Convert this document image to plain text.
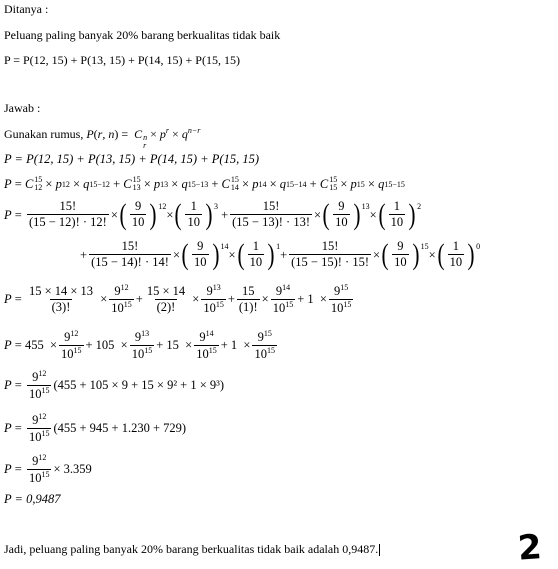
Ditanya :
Peluang paling banyak 20% barang berkualitas tidak baik
P = P(12, 15) + P(13, 15) + P(14, 15) + P(15, 15)
Jawab :
Gunakan rumus, P(r, n) =  C n
r
× $p^r \times q^{n-r}$
P = P(12, 15) + P(13, 15) + P(14, 15) + P(15, 15)
P = C 15
12 × p 12 × q 15−12 + C 15
13 × p 13 × q 15−13 + C 15
14 × p 14 × q 15−14 + C 15
15 × p 15 × q 15−15
$P = \frac{15!}{(15 - 12)! \cdot 12!}$ × ( $\frac{9}{10}$ ) 12
× ( $\frac{1}{10}$ ) 3
+ $\frac{15!}{(15 - 13)! \cdot 13!}$ × ( $\frac{9}{10}$ ) 13
× ( $\frac{1}{10}$ ) 2
+ $\frac{15!}{(15 - 14)! \cdot 14!}$ × ( $\frac{9}{10}$ ) 14
× ( $\frac{1}{10}$ ) 1
+ $\frac{15!}{(15 - 15)! \cdot 15!}$ × ( $\frac{9}{10}$ ) 15
× ( $\frac{1}{10}$ ) 0
$P = \frac{15 \times 14 \times 13}{(3)!} \times \frac{9^{12}}{10^{15}} + \frac{15 \times 14}{(2)!} \times \frac{9^{13}}{10^{15}} + \frac{15}{(1)!} \times \frac{9^{14}}{10^{15}} + 1 \times \frac{9^{15}}{10^{15}}$
$P = 455 \times \frac{9^{12}}{10^{15}} + 105 \times \frac{9^{13}}{10^{15}} + 15 \times \frac{9^{14}}{10^{15}} + 1 \times \frac{9^{15}}{10^{15}}$
$P = \frac{9^{12}}{10^{15}} (455 + 105 \times 9 + 15 \times 9^2 + 1 \times 9^3)$
$P = \frac{9^{12}}{10^{15}} (455 + 945 + 1.230 + 729)$
$P = \frac{9^{12}}{10^{15}} \times 3.359$
P = 0,9487
Jadi, peluang paling banyak 20% barang berkualitas tidak baik adalah 0,9487.	2
